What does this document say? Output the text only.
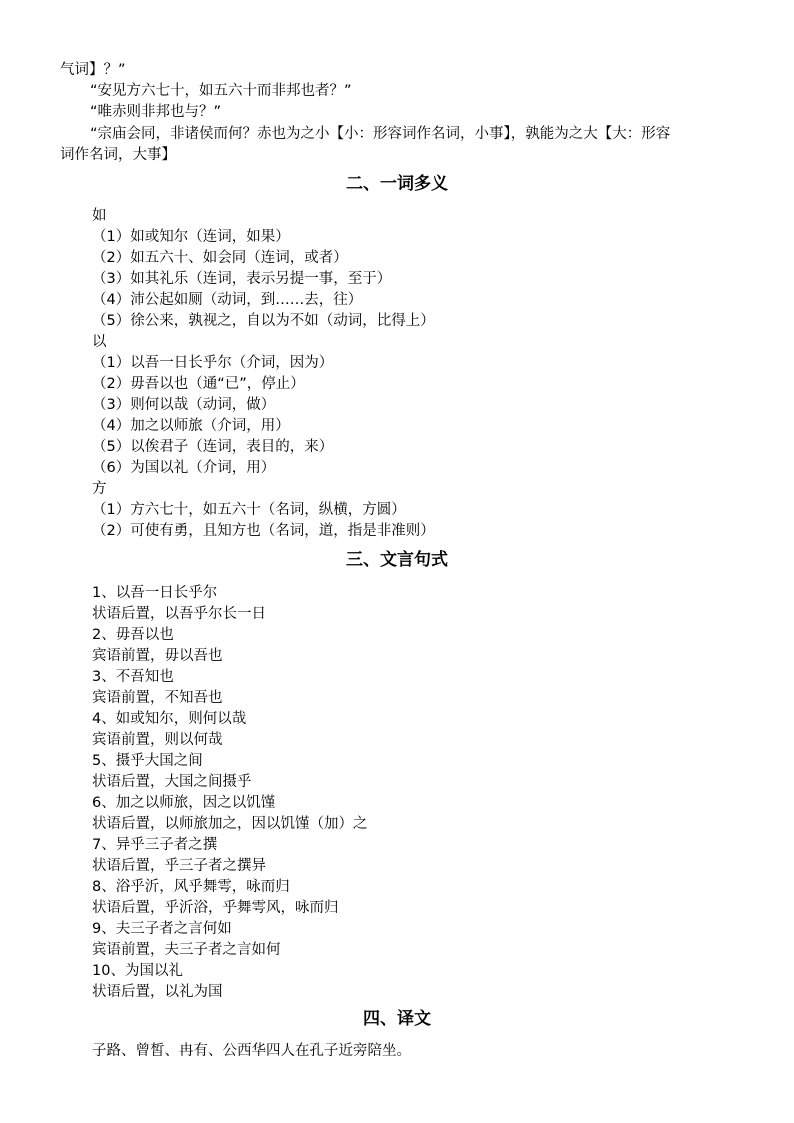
气词】？”
“安见方六七十，如五六十而非邦也者？”
“唯赤则非邦也与？”
“宗庙会同，非诸侯而何？赤也为之小【小：形容词作名词，小事】，孰能为之大【大：形容
词作名词，大事】
二、一词多义
如
（1）如或知尔（连词，如果）
（2）如五六十、如会同（连词，或者）
（3）如其礼乐（连词，表示另提一事，至于）
（4）沛公起如厕（动词，到……去，往）
（5）徐公来，孰视之，自以为不如（动词，比得上）
以
（1）以吾一日长乎尔（介词，因为）
（2）毋吾以也（通“已”，停止）
（3）则何以哉（动词，做）
（4）加之以师旅（介词，用）
（5）以俟君子（连词，表目的，来）
（6）为国以礼（介词，用）
方
（1）方六七十，如五六十（名词，纵横，方圆）
（2）可使有勇，且知方也（名词，道，指是非准则）
三、文言句式
1、以吾一日长乎尔
状语后置，以吾乎尔长一日
2、毋吾以也
宾语前置，毋以吾也
3、不吾知也
宾语前置，不知吾也
4、如或知尔，则何以哉
宾语前置，则以何哉
5、摄乎大国之间
状语后置，大国之间摄乎
6、加之以师旅，因之以饥馑
状语后置，以师旅加之，因以饥馑（加）之
7、异乎三子者之撰
状语后置，乎三子者之撰异
8、浴乎沂，风乎舞雩，咏而归
状语后置，乎沂浴，乎舞雩风，咏而归
9、夫三子者之言何如
宾语前置，夫三子者之言如何
10、为国以礼
状语后置，以礼为国
四、译文
子路、曾皙、冉有、公西华四人在孔子近旁陪坐。
